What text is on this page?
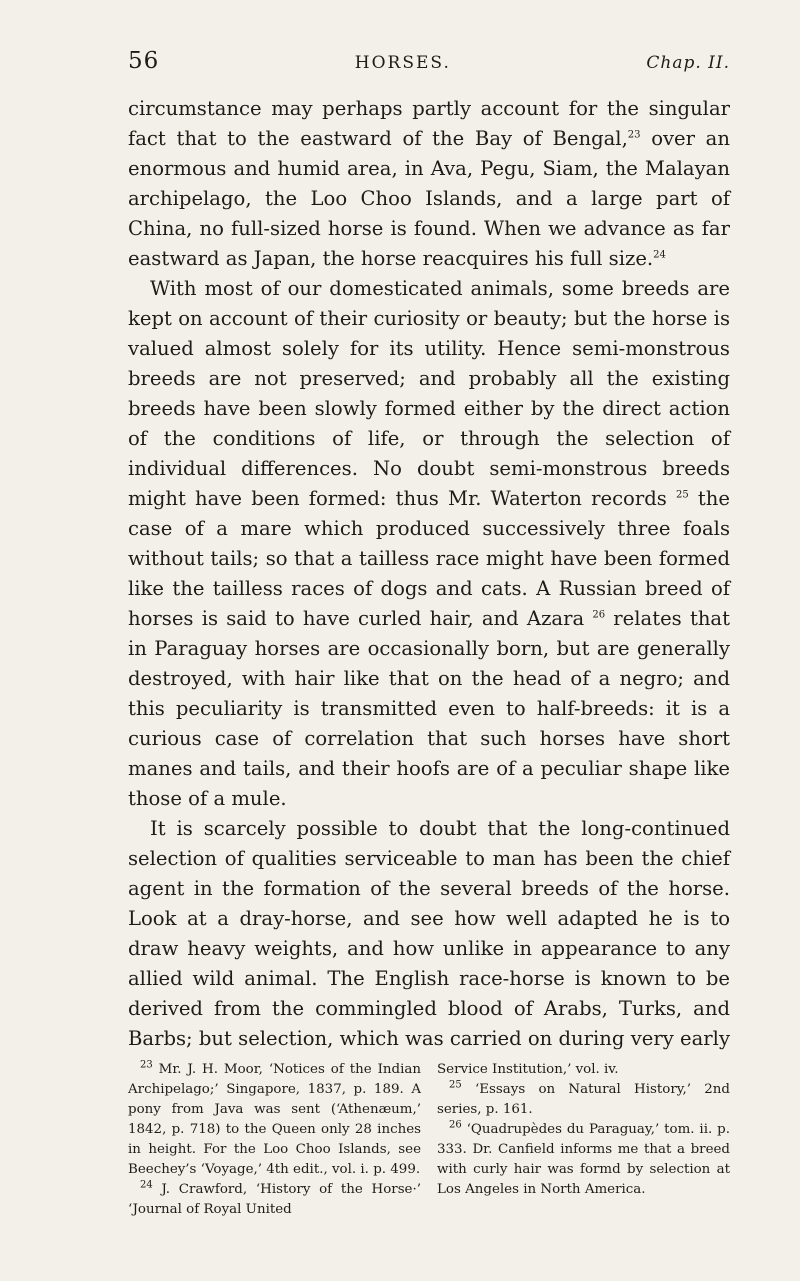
56	HORSES.	Chap. II.

circumstance may perhaps partly account for the singular fact that to the eastward of the Bay of Bengal,$^{23}$ over an enormous and humid area, in Ava, Pegu, Siam, the Malayan archipelago, the Loo Choo Islands, and a large part of China, no full-sized horse is found. When we advance as far eastward as Japan, the horse reacquires his full size.$^{24}$

With most of our domesticated animals, some breeds are kept on account of their curiosity or beauty; but the horse is valued almost solely for its utility. Hence semi-monstrous breeds are not preserved; and probably all the existing breeds have been slowly formed either by the direct action of the conditions of life, or through the selection of individual differences. No doubt semi-monstrous breeds might have been formed: thus Mr. Waterton records $^{25}$ the case of a mare which produced successively three foals without tails; so that a tailless race might have been formed like the tailless races of dogs and cats. A Russian breed of horses is said to have curled hair, and Azara $^{26}$ relates that in Paraguay horses are occasionally born, but are generally destroyed, with hair like that on the head of a negro; and this peculiarity is transmitted even to half-breeds: it is a curious case of correlation that such horses have short manes and tails, and their hoofs are of a peculiar shape like those of a mule.

It is scarcely possible to doubt that the long-continued selection of qualities serviceable to man has been the chief agent in the formation of the several breeds of the horse. Look at a dray-horse, and see how well adapted he is to draw heavy weights, and how unlike in appearance to any allied wild animal. The English race-horse is known to be derived from the commingled blood of Arabs, Turks, and Barbs; but selection, which was carried on during very early

$^{23}$ Mr. J. H. Moor, ‘Notices of the Indian Archipelago;’ Singapore, 1837, p. 189. A pony from Java was sent (‘Athenæum,’ 1842, p. 718) to the Queen only 28 inches in height. For the Loo Choo Islands, see Beechey’s ‘Voyage,’ 4th edit., vol. i. p. 499.

$^{24}$ J. Crawford, ‘History of the Horse·’ ‘Journal of Royal United

Service Institution,’ vol. iv.

$^{25}$ ‘Essays on Natural History,’ 2nd series, p. 161.

$^{26}$ ‘Quadrupèdes du Paraguay,’ tom. ii. p. 333. Dr. Canfield informs me that a breed with curly hair was formd by selection at Los Angeles in North America.
